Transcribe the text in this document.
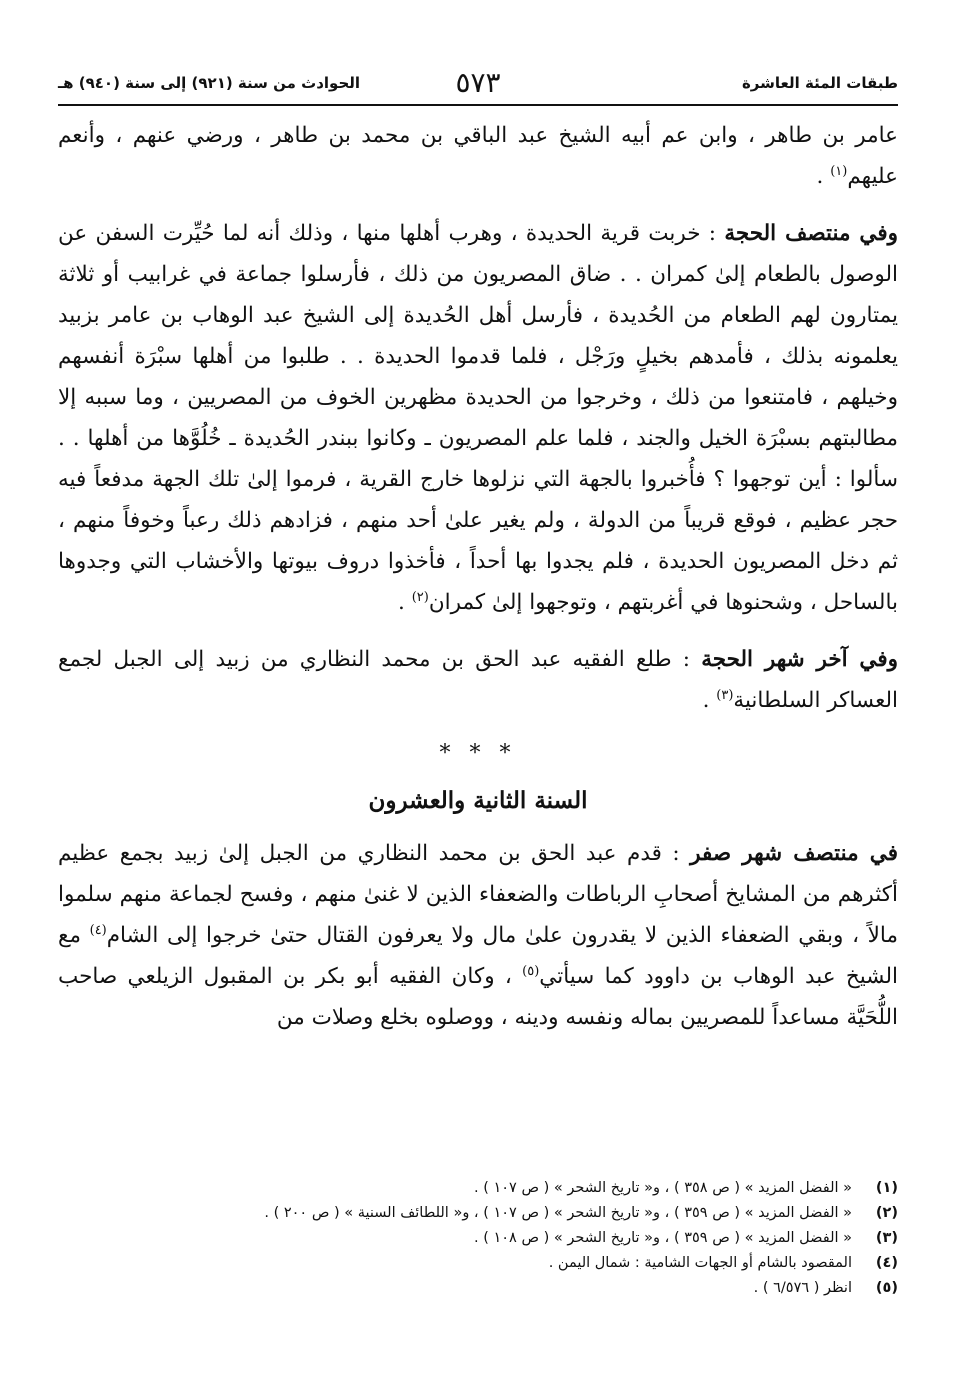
طبقات المئة العاشرة
٥٧٣
الحوادث من سنة (٩٢١) إلى سنة (٩٤٠) هـ

عامر بن طاهر ، وابن عم أبيه الشيخ عبد الباقي بن محمد بن طاهر ، ورضي عنهم ، وأنعم عليهم$^{(١)}$ .

وفي منتصف الحجة : خربت قرية الحديدة ، وهرب أهلها منها ، وذلك أنه لما حُيِّرت السفن عن الوصول بالطعام إلىٰ كمران . . ضاق المصريون من ذلك ، فأرسلوا جماعة في غرابيب أو ثلاثة يمتارون لهم الطعام من الحُديدة ، فأرسل أهل الحُديدة إلى الشيخ عبد الوهاب بن عامر بزبيد يعلمونه بذلك ، فأمدهم بخيلٍ ورَجْل ، فلما قدموا الحديدة . . طلبوا من أهلها سبْرَة أنفسهم وخيلهم ، فامتنعوا من ذلك ، وخرجوا من الحديدة مظهرين الخوف من المصريين ، وما سببه إلا مطالبتهم بسبْرَة الخيل والجند ، فلما علم المصريون ـ وكانوا ببندر الحُديدة ـ خُلُوَّها من أهلها . . سألوا : أين توجهوا ؟ فأُخبروا بالجهة التي نزلوها خارج القرية ، فرموا إلىٰ تلك الجهة مدفعاً فيه حجر عظيم ، فوقع قريباً من الدولة ، ولم يغير علىٰ أحد منهم ، فزادهم ذلك رعباً وخوفاً منهم ، ثم دخل المصريون الحديدة ، فلم يجدوا بها أحداً ، فأخذوا دروف بيوتها والأخشاب التي وجدوها بالساحل ، وشحنوها في أغربتهم ، وتوجهوا إلىٰ كمران$^{(٢)}$ .

وفي آخر شهر الحجة : طلع الفقيه عبد الحق بن محمد النظاري من زبيد إلى الجبل لجمع العساكر السلطانية$^{(٣)}$ .

* * *
السنة الثانية والعشرون

في منتصف شهر صفر : قدم عبد الحق بن محمد النظاري من الجبل إلىٰ زبيد بجمع عظيم أكثرهم من المشايخ أصحابِ الرباطات والضعفاء الذين لا غنىٰ منهم ، وفسح لجماعة منهم سلموا مالاً ، وبقي الضعفاء الذين لا يقدرون علىٰ مال ولا يعرفون القتال حتىٰ خرجوا إلى الشام$^{(٤)}$ مع الشيخ عبد الوهاب بن داوود كما سيأتي$^{(٥)}$ ، وكان الفقيه أبو بكر بن المقبول الزيلعي صاحب اللُّحَيَّة مساعداً للمصريين بماله ونفسه ودينه ، ووصلوه بخلع وصلات من

(١)
« الفضل المزيد » ( ص ٣٥٨ ) ، و« تاريخ الشحر » ( ص ١٠٧ ) .
(٢)
« الفضل المزيد » ( ص ٣٥٩ ) ، و« تاريخ الشحر » ( ص ١٠٧ ) ، و« اللطائف السنية » ( ص ٢٠٠ ) .
(٣)
« الفضل المزيد » ( ص ٣٥٩ ) ، و« تاريخ الشحر » ( ص ١٠٨ ) .
(٤)
المقصود بالشام أو الجهات الشامية : شمال اليمن .
(٥)
انظر ( ٦/٥٧٦ ) .
